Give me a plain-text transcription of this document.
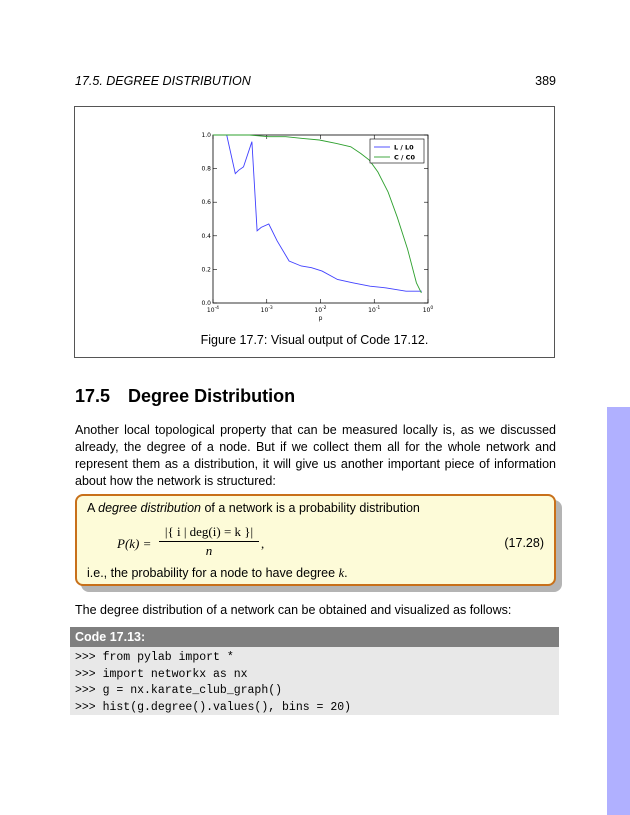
17.5. DEGREE DISTRIBUTION	389
$10^{-4}$	$10^{-3}$	$10^{-2}$	$10^{-1}$	$10^0$
0.0
0.2
0.4
0.6
0.8
1.0
p
L / L0
C / C0
Figure 17.7: Visual output of Code 17.12.
17.5 Degree Distribution
Another local topological property that can be measured locally is, as we discussed already, the degree of a node. But if we collect them all for the whole network and represent them as a distribution, it will give us another important piece of information about how the network is structured:
A degree distribution of a network is a probability distribution
P(k) =
|{ i | deg(i) = k }|
n	,	(17.28)
i.e., the probability for a node to have degree k.
The degree distribution of a network can be obtained and visualized as follows:
Code 17.13:
>>> from pylab import *
>>> import networkx as nx
>>> g = nx.karate_club_graph()
>>> hist(g.degree().values(), bins = 20)
